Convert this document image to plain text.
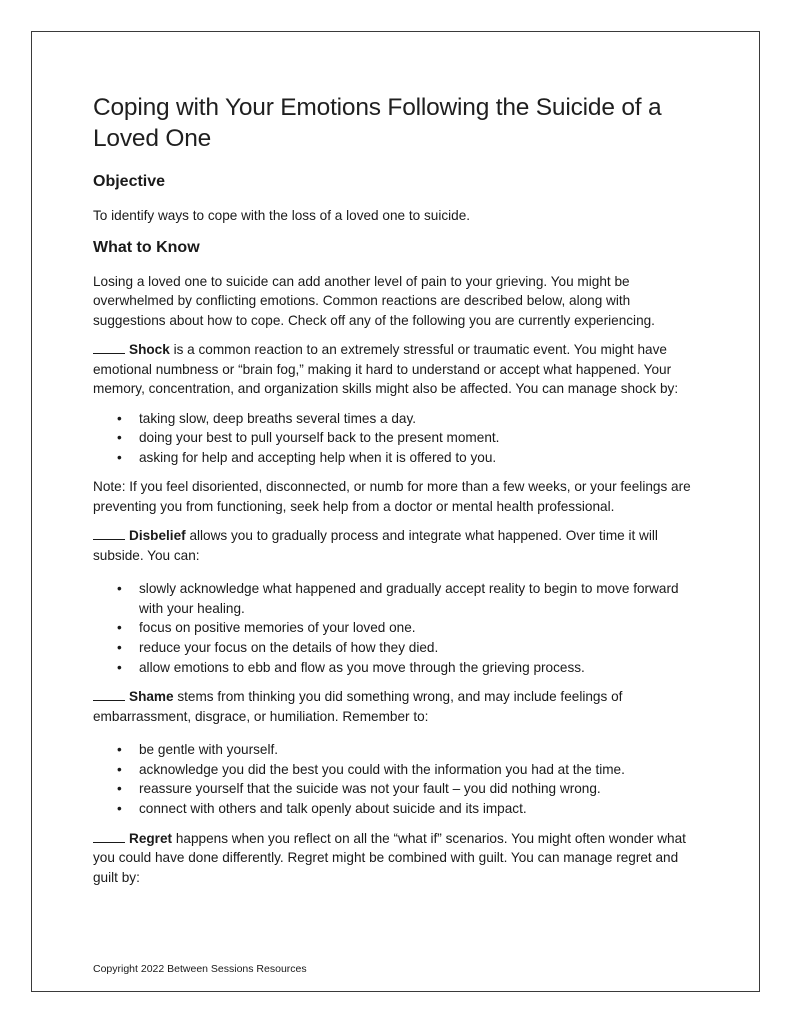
Coping with Your Emotions Following the Suicide of a Loved One
Objective

To identify ways to cope with the loss of a loved one to suicide.

What to Know

Losing a loved one to suicide can add another level of pain to your grieving. You might be overwhelmed by conflicting emotions. Common reactions are described below, along with suggestions about how to cope. Check off any of the following you are currently experiencing.

Shock is a common reaction to an extremely stressful or traumatic event. You might have emotional numbness or “brain fog,” making it hard to understand or accept what happened. Your memory, concentration, and organization skills might also be affected. You can manage shock by:

• taking slow, deep breaths several times a day.
• doing your best to pull yourself back to the present moment.
• asking for help and accepting help when it is offered to you.

Note: If you feel disoriented, disconnected, or numb for more than a few weeks, or your feelings are preventing you from functioning, seek help from a doctor or mental health professional.

Disbelief allows you to gradually process and integrate what happened. Over time it will subside. You can:

• slowly acknowledge what happened and gradually accept reality to begin to move forward with your healing.
• focus on positive memories of your loved one.
• reduce your focus on the details of how they died.
• allow emotions to ebb and flow as you move through the grieving process.

Shame stems from thinking you did something wrong, and may include feelings of embarrassment, disgrace, or humiliation. Remember to:

• be gentle with yourself.
• acknowledge you did the best you could with the information you had at the time.
• reassure yourself that the suicide was not your fault – you did nothing wrong.
• connect with others and talk openly about suicide and its impact.

Regret happens when you reflect on all the “what if” scenarios. You might often wonder what you could have done differently. Regret might be combined with guilt. You can manage regret and guilt by:

Copyright 2022 Between Sessions Resources
